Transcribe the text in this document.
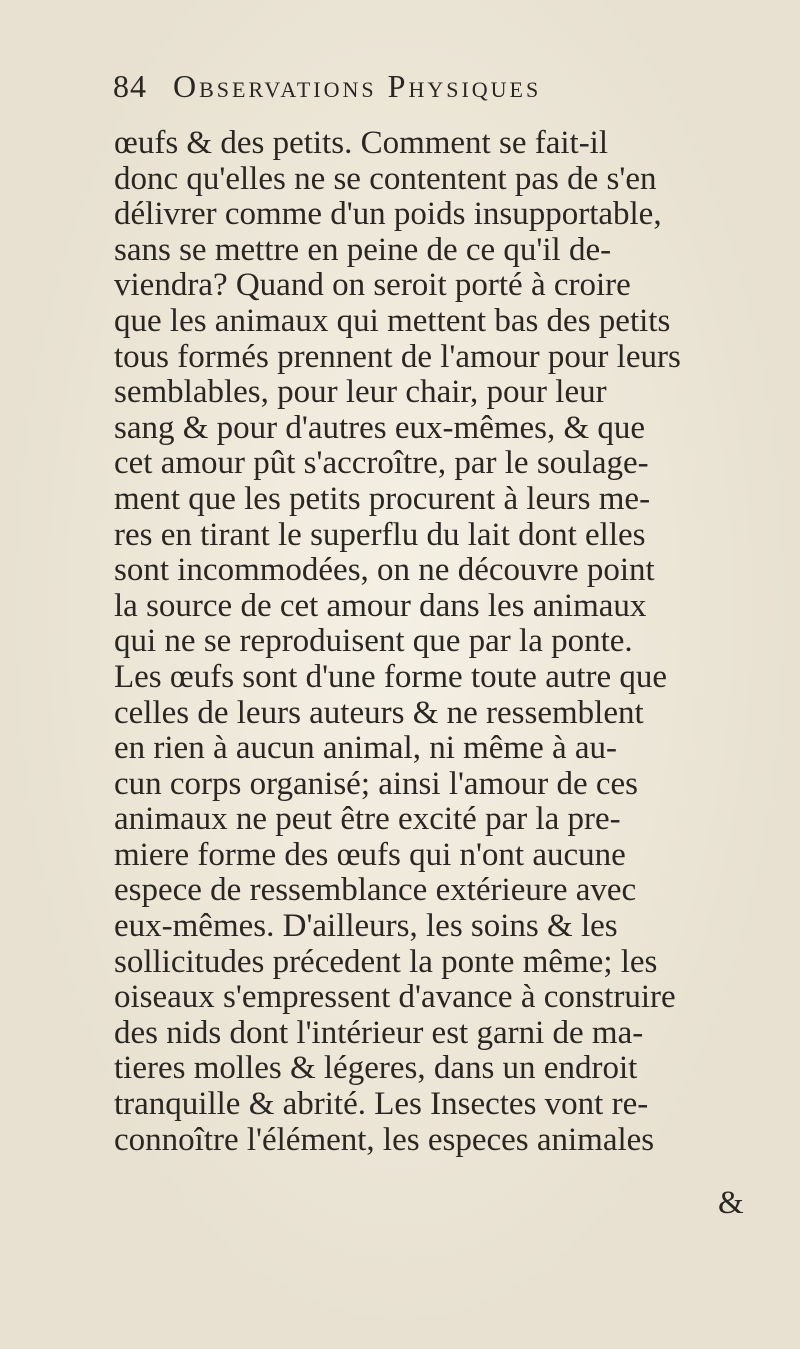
84 Observations Physiques
œufs & des petits. Comment se fait-il
donc qu'elles ne se contentent pas de s'en
délivrer comme d'un poids insupportable,
sans se mettre en peine de ce qu'il de-
viendra? Quand on seroit porté à croire
que les animaux qui mettent bas des petits
tous formés prennent de l'amour pour leurs
semblables, pour leur chair, pour leur
sang & pour d'autres eux-mêmes, & que
cet amour pût s'accroître, par le soulage-
ment que les petits procurent à leurs me-
res en tirant le superflu du lait dont elles
sont incommodées, on ne découvre point
la source de cet amour dans les animaux
qui ne se reproduisent que par la ponte.
Les œufs sont d'une forme toute autre que
celles de leurs auteurs & ne ressemblent
en rien à aucun animal, ni même à au-
cun corps organisé; ainsi l'amour de ces
animaux ne peut être excité par la pre-
miere forme des œufs qui n'ont aucune
espece de ressemblance extérieure avec
eux-mêmes. D'ailleurs, les soins & les
sollicitudes précedent la ponte même; les
oiseaux s'empressent d'avance à construire
des nids dont l'intérieur est garni de ma-
tieres molles & légeres, dans un endroit
tranquille & abrité. Les Insectes vont re-
connoître l'élément, les especes animales
&
